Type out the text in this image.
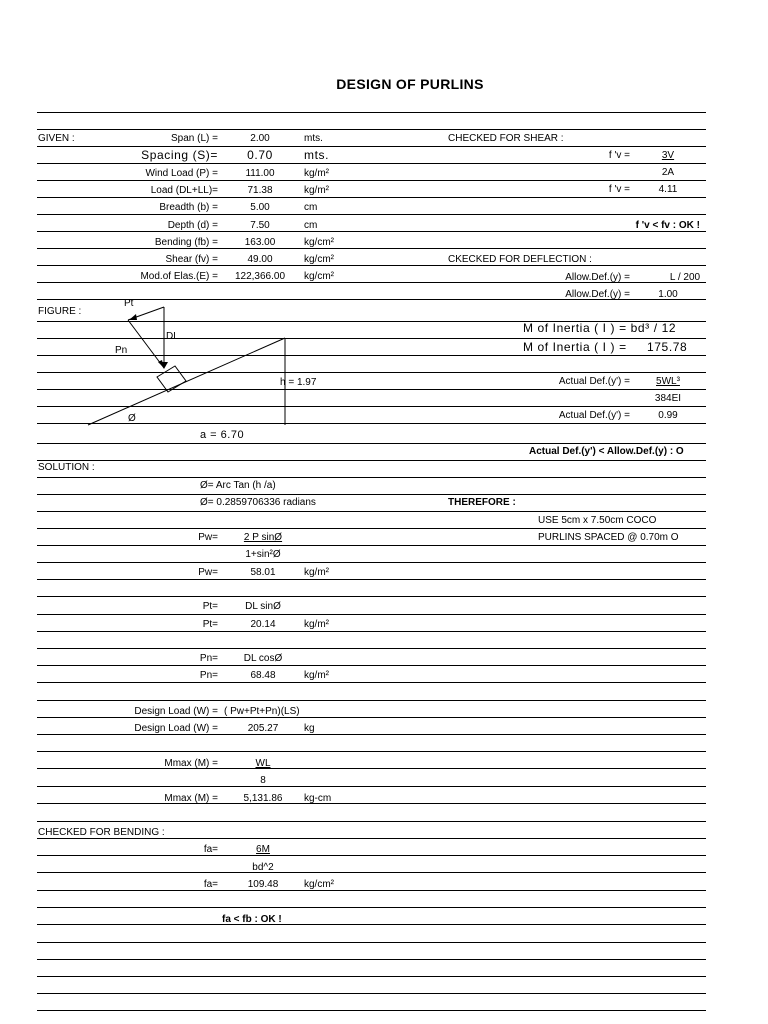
DESIGN OF PURLINS
GIVEN :	Span (L) =	2.00	mts.
Spacing (S)=	0.70	mts.
Wind Load (P) =	111.00	kg/m²
Load (DL+LL)=	71.38	kg/m²
Breadth (b) =	5.00	cm
Depth (d) =	7.50	cm
Bending (fb) =	163.00	kg/cm²
Shear (fv) =	49.00	kg/cm²
Mod.of Elas.(E) =	122,366.00	kg/cm²
CHECKED FOR SHEAR :
f 'v =	3V
2A
f 'v =	4.11
f 'v < fv : OK !
CKECKED FOR DEFLECTION :
Allow.Def.(y) =	L / 200
Allow.Def.(y) =	1.00
M of Inertia ( I ) = bd³ / 12
M of Inertia ( I ) = 175.78
Actual Def.(y') =	5WL³
384EI
Actual Def.(y') =	0.99
Actual Def.(y') < Allow.Def.(y) : O
FIGURE :
Pt
DL
Pn
h = 1.97
Ø
a = 6.70
SOLUTION :
Ø= Arc Tan (h /a)
Ø= 0.2859706336 radians
Pw=	2 P sinØ
1+sin²Ø
Pw=	58.01	kg/m²
Pt=	DL sinØ
Pt=	20.14	kg/m²
Pn=	DL cosØ
Pn=	68.48	kg/m²
Design Load (W) = ( Pw+Pt+Pn)(LS)
Design Load (W) =	205.27	kg
Mmax (M) =	WL
8
Mmax (M) =	5,131.86	kg-cm
THEREFORE :
USE 5cm x 7.50cm COCO
PURLINS SPACED @ 0.70m O
CHECKED FOR BENDING :
fa=	6M
bd^2
fa=	109.48	kg/cm²
fa < fb : OK !
